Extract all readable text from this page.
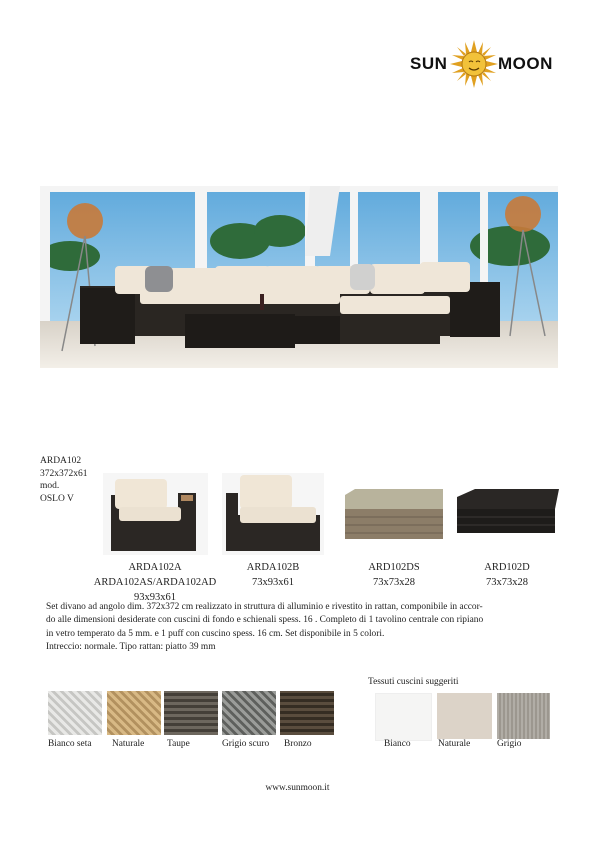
SUN	MOON
ARDA102
372x372x61
mod.
OSLO V
ARDA102A
ARDA102AS/ARDA102AD
93x93x61
ARDA102B
73x93x61
ARD102DS
73x73x28
ARD102D
73x73x28

Set divano ad angolo dim. 372x372 cm realizzato in struttura di alluminio e rivestito in rattan, componibile in accor-

do alle dimensioni desiderate con cuscini di fondo e schienali spess. 16 . Completo di 1 tavolino centrale con ripiano

in vetro temperato da 5 mm. e 1 puff con cuscino spess. 16 cm. Set disponibile in 5 colori.

Intreccio: normale. Tipo rattan: piatto 39 mm

Bianco seta Naturale Taupe	Grigio scuro Bronzo
Tessuti cuscini suggeriti
Bianco	Naturale	Grigio
www.sunmoon.it
